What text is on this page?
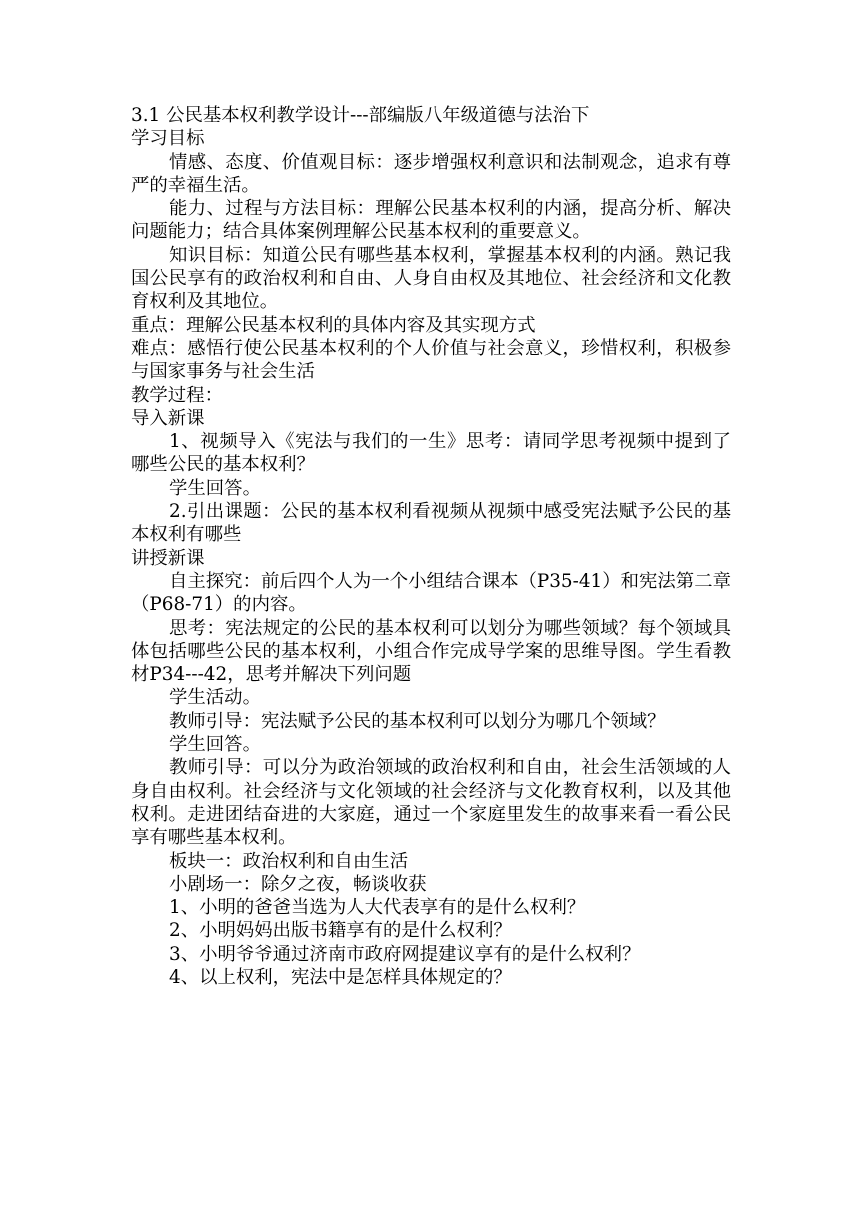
3.1 公民基本权利教学设计---部编版八年级道德与法治下

学习目标

情感、态度、价值观目标：逐步增强权利意识和法制观念，追求有尊严的幸福生活。

能力、过程与方法目标：理解公民基本权利的内涵，提高分析、解决问题能力；结合具体案例理解公民基本权利的重要意义。

知识目标：知道公民有哪些基本权利，掌握基本权利的内涵。熟记我国公民享有的政治权利和自由、人身自由权及其地位、社会经济和文化教育权利及其地位。

重点：理解公民基本权利的具体内容及其实现方式

难点：感悟行使公民基本权利的个人价值与社会意义，珍惜权利，积极参与国家事务与社会生活

教学过程：

导入新课

1、视频导入《宪法与我们的一生》思考：请同学思考视频中提到了哪些公民的基本权利？

学生回答。

2.引出课题：公民的基本权利看视频从视频中感受宪法赋予公民的基本权利有哪些

讲授新课

自主探究：前后四个人为一个小组结合课本（P35-41）和宪法第二章（P68-71）的内容。

思考：宪法规定的公民的基本权利可以划分为哪些领域？每个领域具体包括哪些公民的基本权利，小组合作完成导学案的思维导图。学生看教材P34---42，思考并解决下列问题

学生活动。

教师引导：宪法赋予公民的基本权利可以划分为哪几个领域？

学生回答。

教师引导：可以分为政治领域的政治权利和自由，社会生活领域的人身自由权利。社会经济与文化领域的社会经济与文化教育权利，以及其他权利。走进团结奋进的大家庭，通过一个家庭里发生的故事来看一看公民享有哪些基本权利。

板块一：政治权利和自由生活

小剧场一：除夕之夜，畅谈收获

1、小明的爸爸当选为人大代表享有的是什么权利？

2、小明妈妈出版书籍享有的是什么权利？

3、小明爷爷通过济南市政府网提建议享有的是什么权利？

4、以上权利，宪法中是怎样具体规定的？
